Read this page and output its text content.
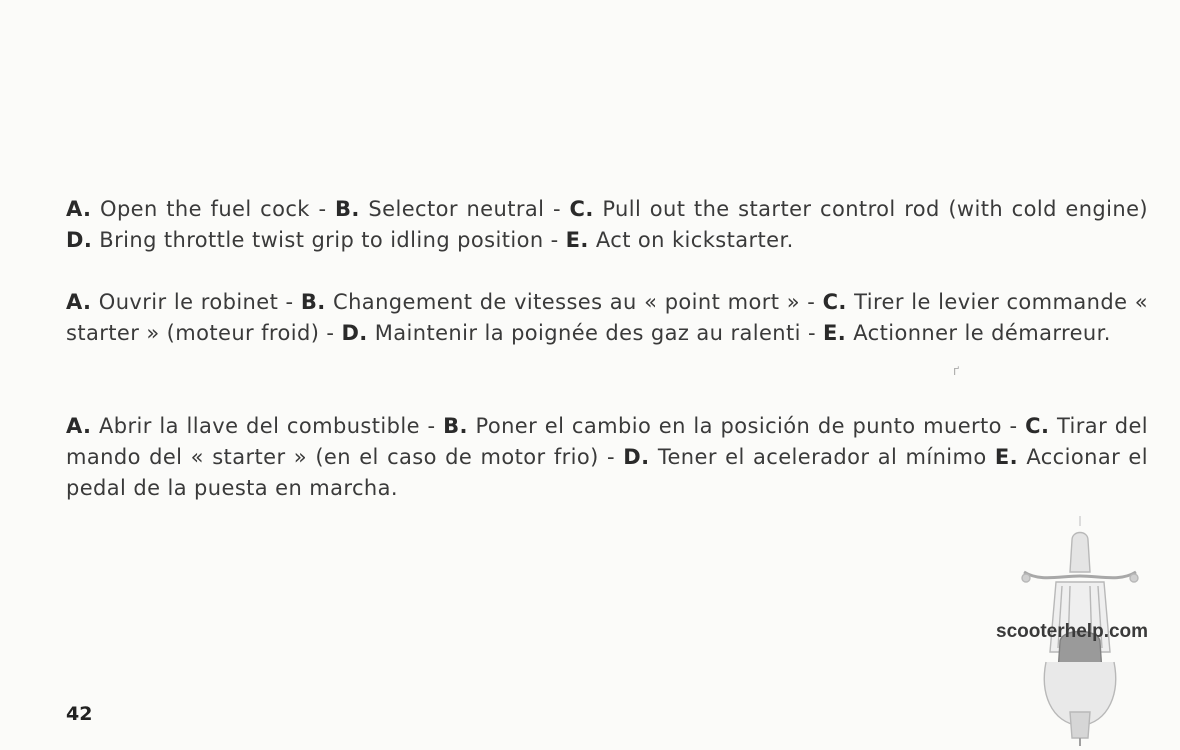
A. Open the fuel cock - B. Selector neutral - C. Pull out the starter control rod (with cold engine) D. Bring throttle twist grip to idling position - E. Act on kickstarter.

A. Ouvrir le robinet - B. Changement de vitesses au « point mort » - C. Tirer le levier commande « starter » (moteur froid) - D. Maintenir la poignée des gaz au ralenti - E. Actionner le démarreur.

A. Abrir la llave del combustible - B. Poner el cambio en la posición de punto muerto - C. Tirar del mando del « starter » (en el caso de motor frio) - D. Tener el acelerador al mínimo E. Accionar el pedal de la puesta en marcha.

ґ
scooterhelp.com
42
